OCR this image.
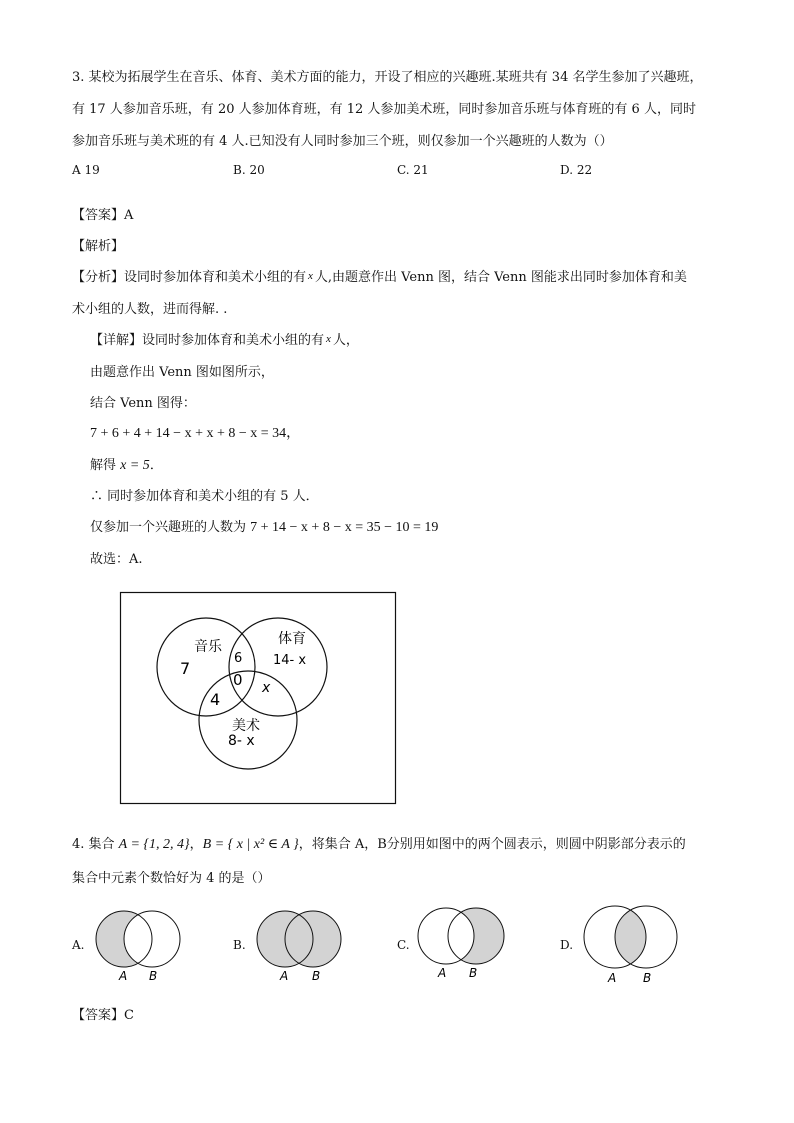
3. 某校为拓展学生在音乐、体育、美术方面的能力，开设了相应的兴趣班.某班共有 34 名学生参加了兴趣班，
有 17 人参加音乐班，有 20 人参加体育班，有 12 人参加美术班，同时参加音乐班与体育班的有 6 人，同时
参加音乐班与美术班的有 4 人.已知没有人同时参加三个班，则仅参加一个兴趣班的人数为（）
A 19	B. 20	C. 21	D. 22
【答案】A
【解析】
【分析】设同时参加体育和美术小组的有 x 人,由题意作出 Venn 图，结合 Venn 图能求出同时参加体育和美
术小组的人数，进而得解. .
【详解】设同时参加体育和美术小组的有 x 人，
由题意作出 Venn 图如图所示，
结合 Venn 图得：
7 + 6 + 4 + 14 − x + x + 8 − x = 34，
解得 x = 5．
∴ 同时参加体育和美术小组的有 5 人．
仅参加一个兴趣班的人数为 7 + 14 − x + 8 − x = 35 − 10 = 19
故选：A.
音乐	体育
美术
7
6 14- x
0 x
4
8- x
4. 集合 A = {1, 2, 4}，B = { x | x² ∈ A }，将集合 A，B分别用如图中的两个圆表示，则圆中阴影部分表示的
集合中元素个数恰好为 4 的是（）
A.
A B
B.
A B
C.
A B
D.
A B
【答案】C
